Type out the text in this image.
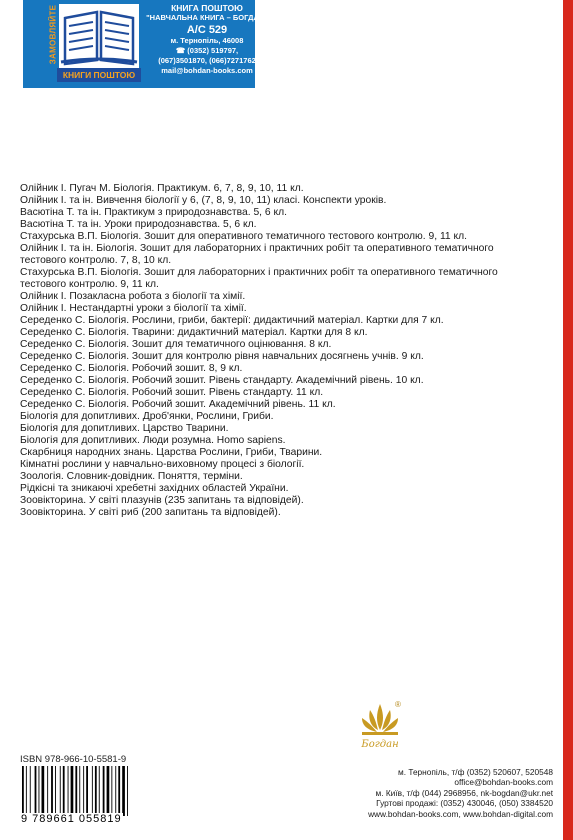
ЗАМОВЛЯЙТЕ
КНИГИ ПОШТОЮ
КНИГА ПОШТОЮ
"НАВЧАЛЬНА КНИГА – БОГДАН"
А/С 529
м. Тернопіль, 46008
☎ (0352) 519797,
(067)3501870, (066)7271762
mail@bohdan-books.com
Олійник І. Пугач М. Біологія. Практикум. 6, 7, 8, 9, 10, 11 кл.
Олійник І. та ін. Вивчення біології у 6, (7, 8, 9, 10, 11) класі. Конспекти уроків.
Васютіна Т. та ін. Практикум з природознавства. 5, 6 кл.
Васютіна Т. та ін. Уроки природознавства. 5, 6 кл.
Стахурська В.П. Біологія. Зошит для оперативного тематичного тестового контролю. 9, 11 кл.
Олійник І. та ін. Біологія. Зошит для лабораторних і практичних робіт та оперативного тематичного
тестового контролю. 7, 8, 10 кл.
Стахурська В.П. Біологія. Зошит для лабораторних і практичних робіт та оперативного тематичного
тестового контролю. 9, 11 кл.
Олійник І. Позакласна робота з біології та хімії.
Олійник І. Нестандартні уроки з біології та хімії.
Середенко С. Біологія. Рослини, гриби, бактерії: дидактичний матеріал. Картки для 7 кл.
Середенко С. Біологія. Тварини: дидактичний матеріал. Картки для 8 кл.
Середенко С. Біологія. Зошит для тематичного оцінювання. 8 кл.
Середенко С. Біологія. Зошит для контролю рівня навчальних досягнень учнів. 9 кл.
Середенко С. Біологія. Робочий зошит. 8, 9 кл.
Середенко С. Біологія. Робочий зошит. Рівень стандарту. Академічний рівень. 10 кл.
Середенко С. Біологія. Робочий зошит. Рівень стандарту. 11 кл.
Середенко С. Біологія. Робочий зошит. Академічний рівень. 11 кл.
Біологія для допитливих. Дроб'янки, Рослини, Гриби.
Біологія для допитливих. Царство Тварини.
Біологія для допитливих. Люди розумна. Homo sapiens.
Скарбниця народних знань. Царства Рослини, Гриби, Тварини.
Кімнатні рослини у навчально-виховному процесі з біології.
Зоологія. Словник-довідник. Поняття, терміни.
Рідкісні та зникаючі хребетні західних областей України.
Зоовікторина. У світі плазунів (235 запитань та відповідей).
Зоовікторина. У світі риб (200 запитань та відповідей).
Богдан
®
ISBN 978-966-10-5581-9
9 789661 055819
м. Тернопіль, т/ф (0352) 520607, 520548
office@bohdan-books.com
м. Київ, т/ф (044) 2968956, nk-bogdan@ukr.net
Гуртові продажі: (0352) 430046, (050) 3384520
www.bohdan-books.com, www.bohdan-digital.com
